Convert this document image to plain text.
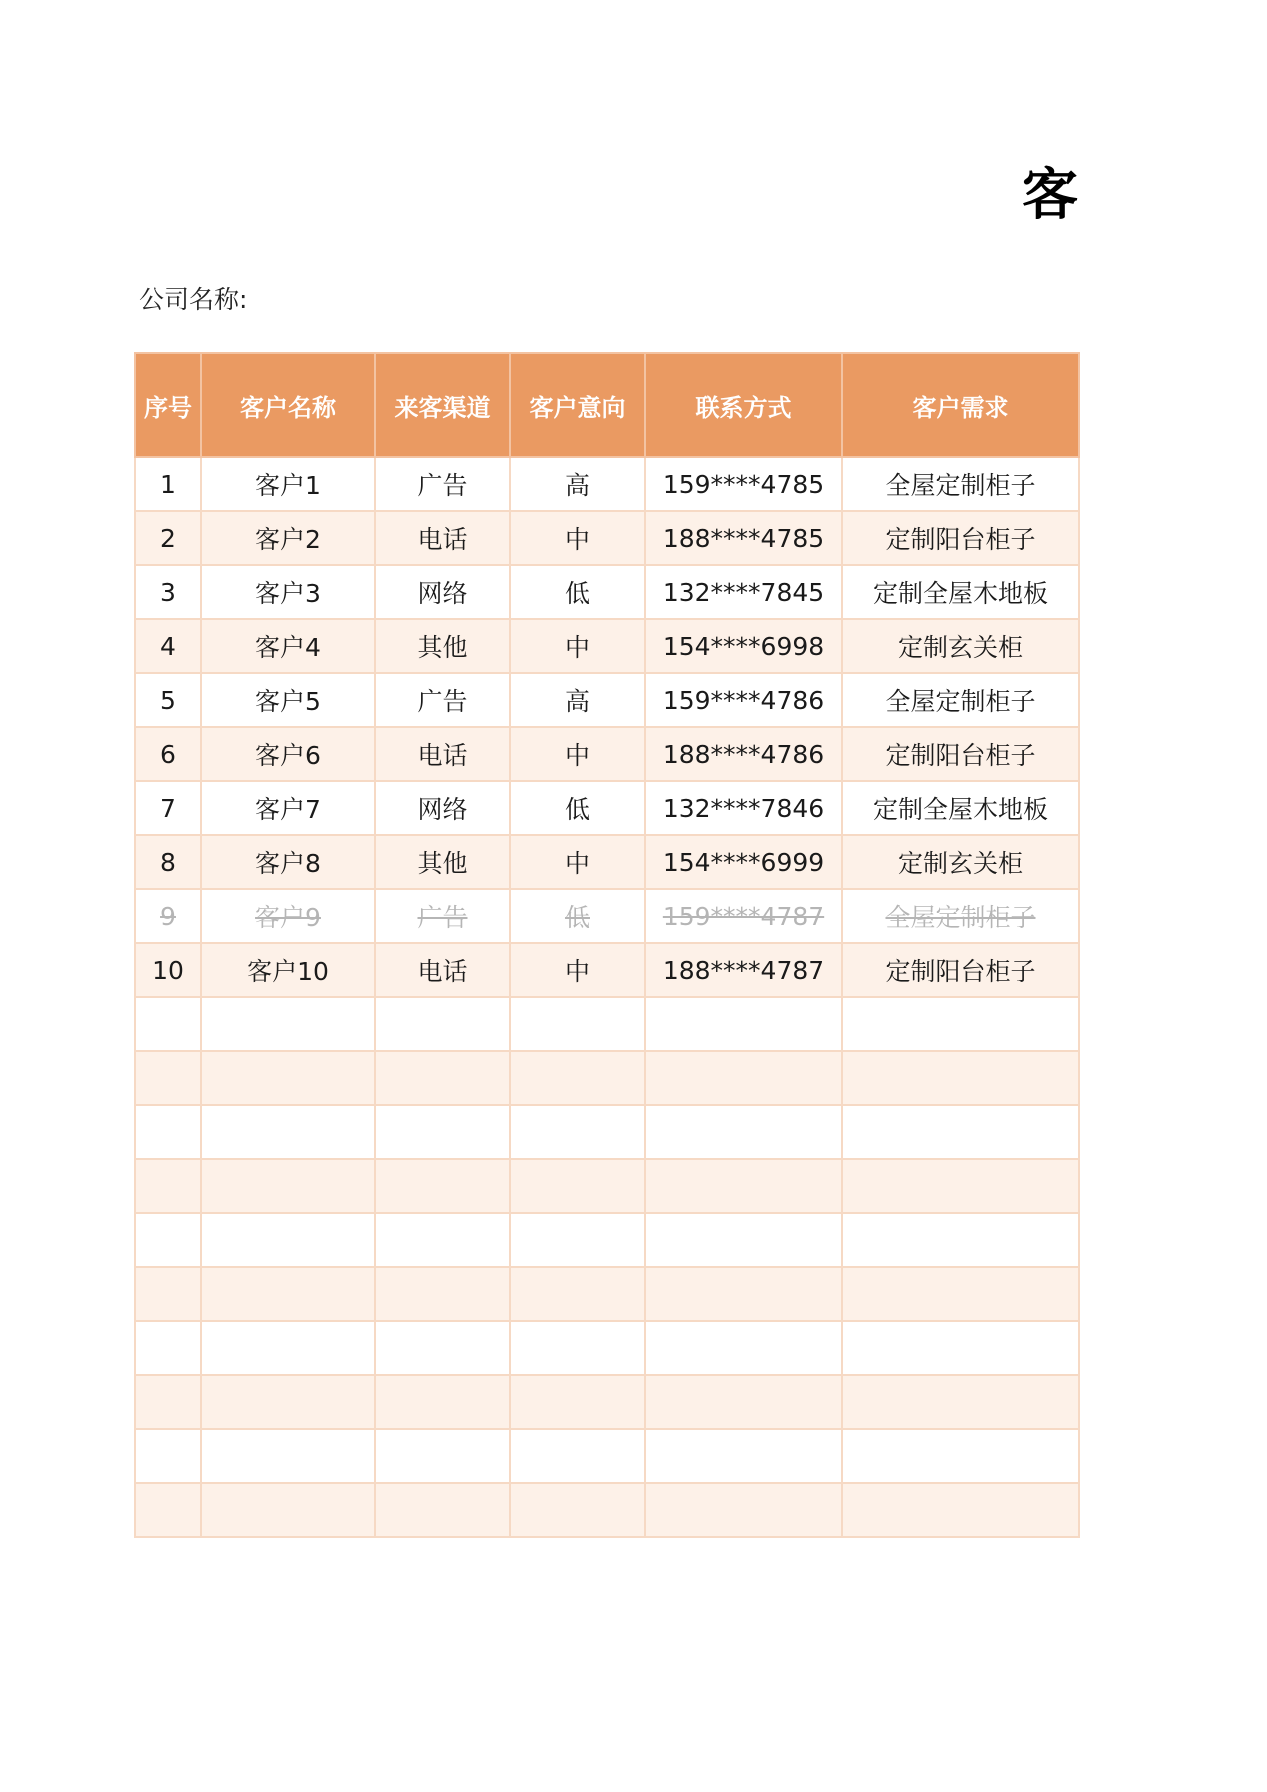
客
公司名称:
序号	客户名称	来客渠道	客户意向	联系方式	客户需求
1	客户1	广告	高	159****4785	全屋定制柜子
2	客户2	电话	中	188****4785	定制阳台柜子
3	客户3	网络	低	132****7845	定制全屋木地板
4	客户4	其他	中	154****6998	定制玄关柜
5	客户5	广告	高	159****4786	全屋定制柜子
6	客户6	电话	中	188****4786	定制阳台柜子
7	客户7	网络	低	132****7846	定制全屋木地板
8	客户8	其他	中	154****6999	定制玄关柜
9	客户9	广告	低	159****4787	全屋定制柜子
10	客户10	电话	中	188****4787	定制阳台柜子
